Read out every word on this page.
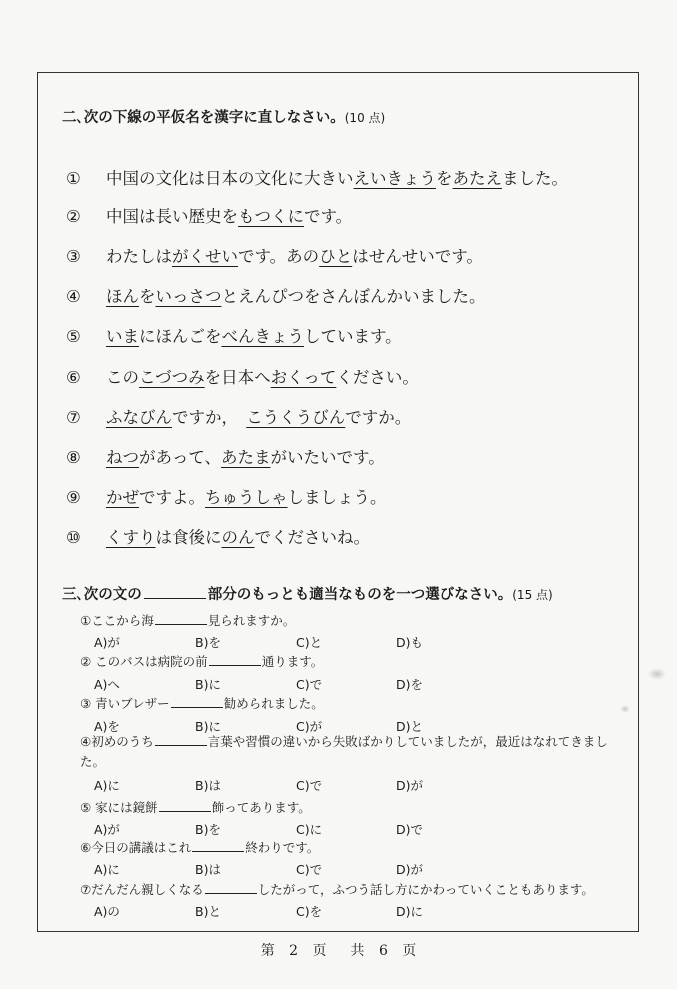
二､次の下線の平仮名を漢字に直しなさい。(10 点)
① 中国の文化は日本の文化に大きいえいきょうをあたえました。
② 中国は長い歴史をもつくにです。
③ わたしはがくせいです。あのひとはせんせいです。
④ ほんをいっさつとえんぴつをさんぼんかいました。
⑤ いまにほんごをべんきょうしています。
⑥ このこづつみを日本へおくってください。
⑦ ふなびんですか，　こうくうびんですか。
⑧ ねつがあって、あたまがいたいです。
⑨ かぜですよ。ちゅうしゃしましょう。
⑩ くすりは食後にのんでくださいね。
三､次の文の	部分のもっとも適当なものを一つ選びなさい。(15 点)
①ここから海	見られますか。
A)が	B)を	C)と	D)も
② このバスは病院の前	通ります。
A)へ	B)に	C)で	D)を
③ 青いブレザー	勧められました。
A)を	B)に	C)が	D)と
④初めのうち	言葉や習慣の違いから失敗ばかりしていましたが，最近はなれてきました。
A)に	B)は	C)で	D)が
⑤ 家には鏡餅	飾ってあります。
A)が	B)を	C)に	D)で
⑥今日の講議はこれ	終わりです。
A)に	B)は	C)で	D)が
⑦だんだん親しくなる	したがって，ふつう話し方にかわっていくこともあります。
A)の	B)と	C)を	D)に
第 2 页 共 6 页
